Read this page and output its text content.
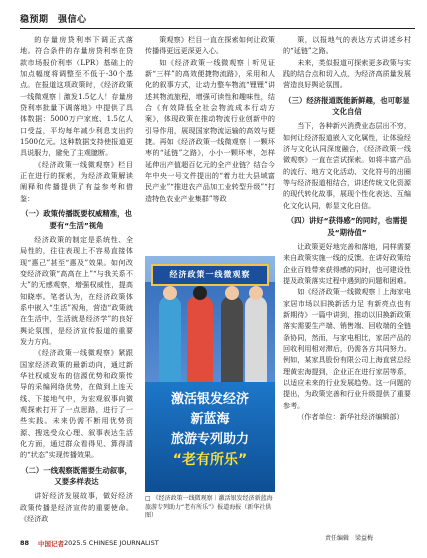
稳预期　强信心

的存量房贷利率下调正式落地。符合条件的存量房贷利率在贷款市场报价利率（LPR）基础上的加点幅度将调整至不低于-30个基点。在报道这项政策时，《经济政策一线微观察｜激发1.5亿人！存量房贷利率批量下调落地》中提供了具体数据：5000万户家庭、1.5亿人口受益，平均每年减少利息支出约1500亿元。这种数据支持使报道更具说服力，避免了主观臆断。

《经济政策一线微观察》栏目正在进行的探索，为经济政策解读阐释和传播提供了有益参考和借鉴：

（一）政策传播既要权威精准，也要有“生活”视角

经济政策的制定是系统性、全局性的，往往表现上不容易直接体现“惠己”甚至“惠及”效果。如何改变经济政策“高高在上”“与我关系不大”的无感观察，增强权威性，提高知晓率。笔者认为，在经济政策体系中嵌入“生活”视角，营造“政策就在生活中，生活就是经济学”的良好舆论氛围，是经济宣传报道的重要发力方向。

《经济政策一线微观察》紧跟国家经济政策的最新动向，通过新华社权威发布的信源优势和政策传导的采编网络优势，在做到上连天线、下接地气中，为宏观叙事向微观探索打开了一点思路，进行了一些实践。未来仍需不断用优势资源、搜选受众心理、叙事表达生活化方面，通过群众看得见、算得清的“状态”实现传播效果。

（二）一线观察既需要生动叙事，又要多样表达

讲好经济发展故事，做好经济政策传播是经济宣传的重要使命。《经济政

策观察》栏目一直在探索如何让政策传播得更远更深更入心。

如《经济政策一线微观察｜听见证新“三样”的高效便捷物流路》，采用和人化的叙事方式，让动力整车物流“锂锂”讲述其物流旅程，增强可读性和趣味性，结合《有效降低全社会物流成本行动方案》，体现政策在推动物流行业创新中的引导作用，展现国家物流运输的高效与便捷。再如《经济政策一线微观察｜一颗坏枣的“延链”之路》，小小一颗坏枣，怎样延伸出产值超百亿元的全产业链？结合今年中央一号文件提出的“着力壮大县域富民产业”“推进农产品加工业转型升级”“打造特色农业产业集群”等政

经济政策一线微观察
激活银发经济
新蓝海
旅游专列助力
“老有所乐”
□ 《经济政策一线微观察｜激活银发经济新蓝海 旅游专列助力“老有所乐”》报道海报（新华社供图）

策，以报地气的表达方式讲述乡村的“延链”之路。

未来，类似报道可探索更多政策与实践的结合点和切入点，为经济高质量发展营造良好舆论氛围。

（三）经济报道既能新鲜趣，也可彰显文化自信

当下，各种新兴消费业态层出不穷，如何让经济报道嵌入文化属性，让体验经济与文化认同深度融合，《经济政策一线微观察》一直在尝试探索。如将丰富产品的流行、地方文化活动、文化符号的出圈等与经济报道相结合，讲述传统文化资源的现代转化故事，展现个性化表达、互编化文化认同，彰显文化自信。

（四）讲好“获得感”的同时，也需提及“期待值”

让政策更好地完善和落地，同样需要来自政策实施一线的反馈。在讲好政策给企业百姓带来获得感的同时，也可建设性提及政策落实过程中遇到的问题和困难。

如《经济政策一线微观察｜上海家电家居市场以旧换新活力足 有新亮点也有新期待》一篇中讲到，推动以旧换新政策落实需要生产端、销售端、回收端的全链条协同，然而，与家电相比，家居产品的回收利用相对滞后，仍需各方共同努力。例如，某家具股份有限公司上海直营总经理黄宏海提到，企业正在进行家居等系，以适应未来的行业发展趋势。这一问题的提出，为政策完善和行业升级提供了重要参考。

（作者单位：新华社经济编辑部）

责任编辑　梁益梅
88 中国记者 2025.5 CHINESE JOURNALIST
